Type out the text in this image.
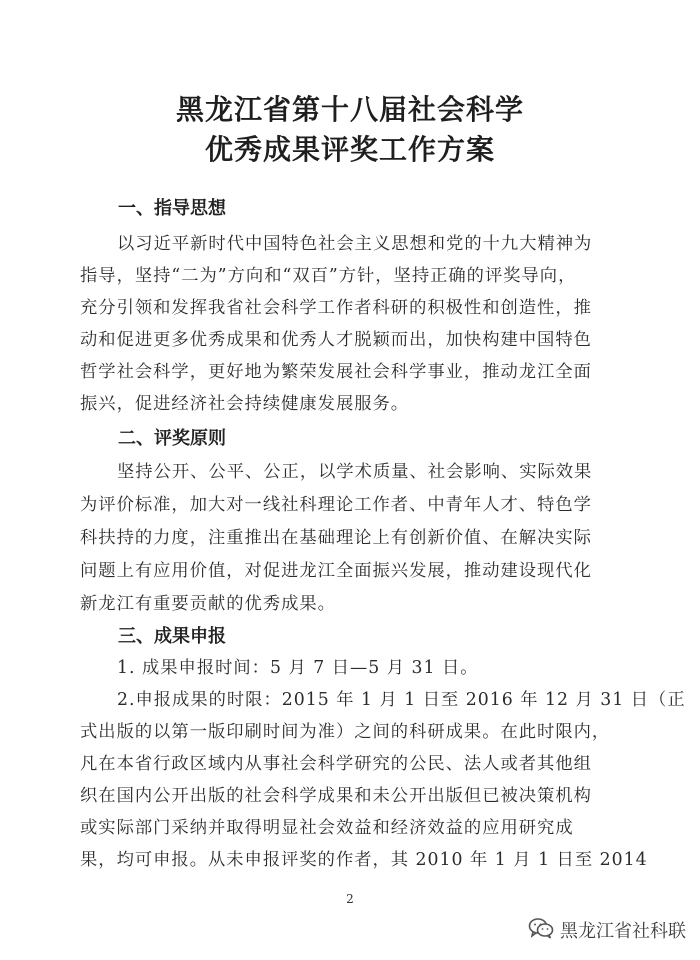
黑龙江省第十八届社会科学
优秀成果评奖工作方案
一、指导思想
以习近平新时代中国特色社会主义思想和党的十九大精神为
指导，坚持“二为”方向和“双百”方针，坚持正确的评奖导向，
充分引领和发挥我省社会科学工作者科研的积极性和创造性，推
动和促进更多优秀成果和优秀人才脱颖而出，加快构建中国特色
哲学社会科学，更好地为繁荣发展社会科学事业，推动龙江全面
振兴，促进经济社会持续健康发展服务。
二、评奖原则
坚持公开、公平、公正，以学术质量、社会影响、实际效果
为评价标准，加大对一线社科理论工作者、中青年人才、特色学
科扶持的力度，注重推出在基础理论上有创新价值、在解决实际
问题上有应用价值，对促进龙江全面振兴发展，推动建设现代化
新龙江有重要贡献的优秀成果。
三、成果申报
1. 成果申报时间：5 月 7 日—5 月 31 日。
2.申报成果的时限：2015 年 1 月 1 日至 2016 年 12 月 31 日（正
式出版的以第一版印刷时间为准）之间的科研成果。在此时限内，
凡在本省行政区域内从事社会科学研究的公民、法人或者其他组
织在国内公开出版的社会科学成果和未公开出版但已被决策机构
或实际部门采纳并取得明显社会效益和经济效益的应用研究成
果，均可申报。从未申报评奖的作者，其 2010 年 1 月 1 日至 2014
2
黑龙江省社科联
